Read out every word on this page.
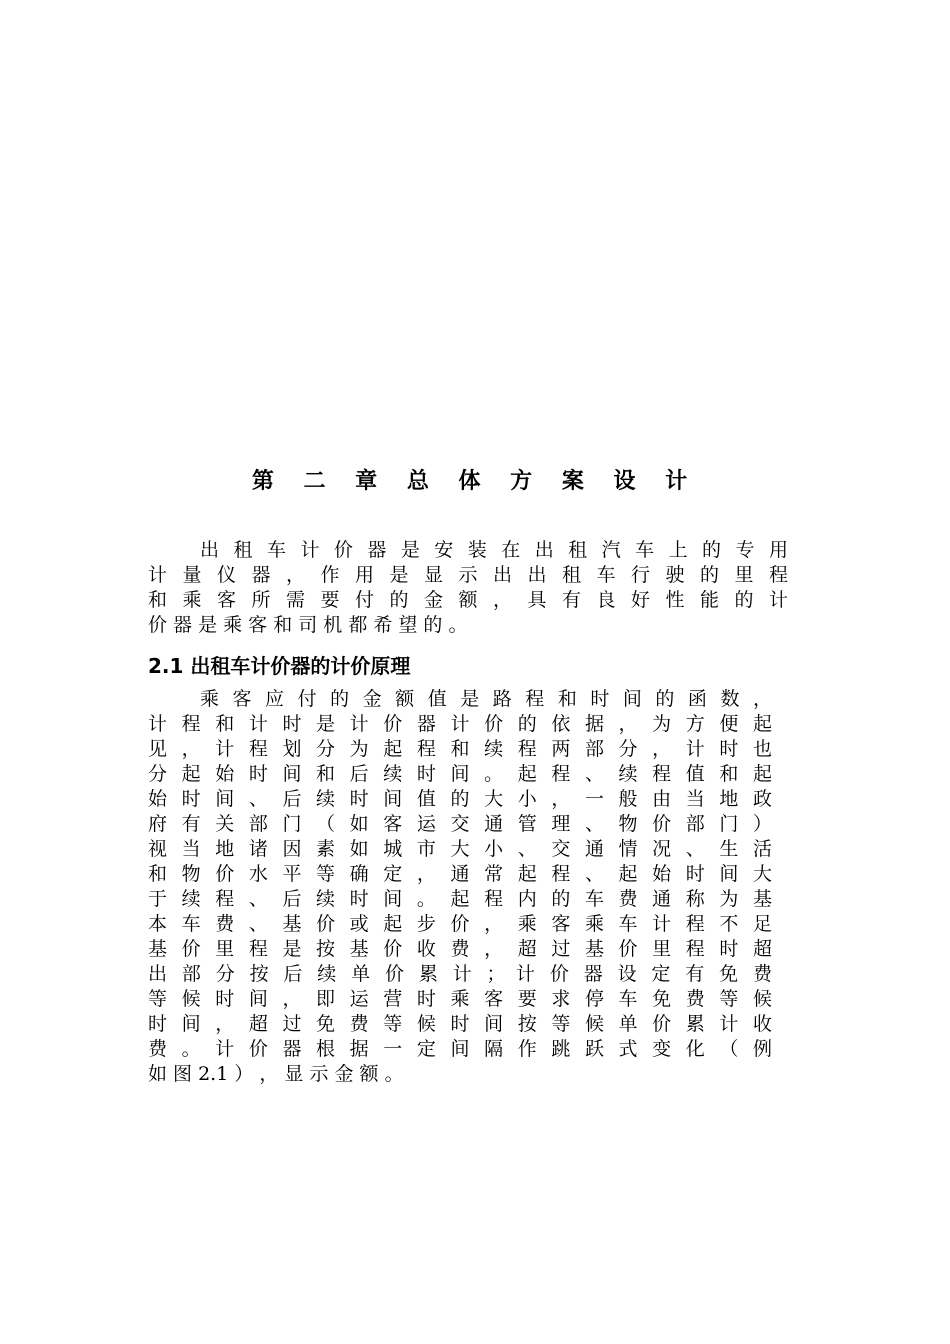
第 二 章 总 体 方 案 设 计
出 租 车 计 价 器 是 安 装 在 出 租 汽 车 上 的 专 用
计 量 仪 器 ， 作 用 是 显 示 出 出 租 车 行 驶 的 里 程
和 乘 客 所 需 要 付 的 金 额 ， 具 有 良 好 性 能 的 计
价 器 是 乘 客 和 司 机 都 希 望 的 。
2.1 出租车计价器的计价原理
乘 客 应 付 的 金 额 值 是 路 程 和 时 间 的 函 数 ，
计 程 和 计 时 是 计 价 器 计 价 的 依 据 ， 为 方 便 起
见 ， 计 程 划 分 为 起 程 和 续 程 两 部 分 ， 计 时 也
分 起 始 时 间 和 后 续 时 间 。 起 程 、 续 程 值 和 起
始 时 间 、 后 续 时 间 值 的 大 小 ， 一 般 由 当 地 政
府 有 关 部 门 （ 如 客 运 交 通 管 理 、 物 价 部 门 ）
视 当 地 诸 因 素 如 城 市 大 小 、 交 通 情 况 、 生 活
和 物 价 水 平 等 确 定 ， 通 常 起 程 、 起 始 时 间 大
于 续 程 、 后 续 时 间 。 起 程 内 的 车 费 通 称 为 基
本 车 费 、 基 价 或 起 步 价 ， 乘 客 乘 车 计 程 不 足
基 价 里 程 是 按 基 价 收 费 ， 超 过 基 价 里 程 时 超
出 部 分 按 后 续 单 价 累 计 ； 计 价 器 设 定 有 免 费
等 候 时 间 ， 即 运 营 时 乘 客 要 求 停 车 免 费 等 候
时 间 ， 超 过 免 费 等 候 时 间 按 等 候 单 价 累 计 收
费 。 计 价 器 根 据 一 定 间 隔 作 跳 跃 式 变 化 （ 例
如 图 2.1 ） ， 显 示 金 额 。
